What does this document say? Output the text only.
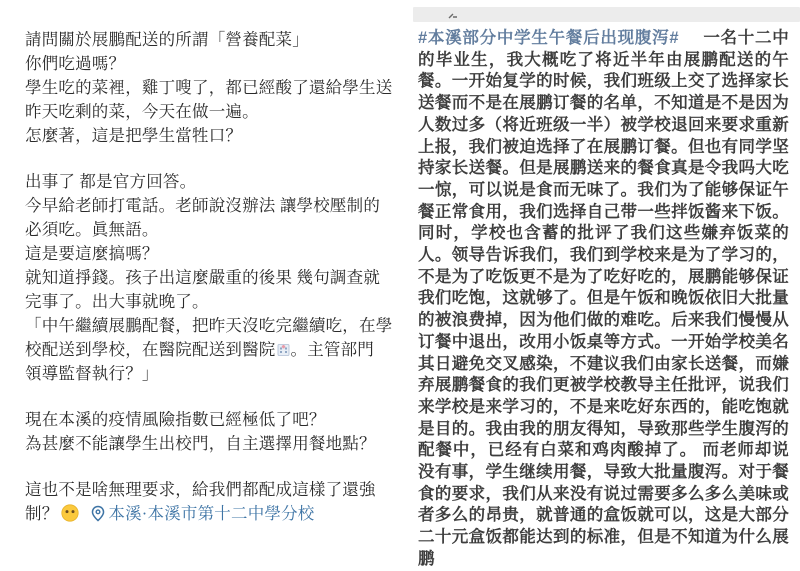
請問關於展鵬配送的所謂「營養配菜」
你們吃過嗎？
學生吃的菜裡，雞丁嗖了，都已經酸了還給學生送
昨天吃剩的菜，今天在做一遍。
怎麼著，這是把學生當牲口？
出事了 都是官方回答。
今早給老師打電話。老師說沒辦法 讓學校壓制的
必須吃。眞無語。
這是要這麼搞嗎？
就知道掙錢。孩子出這麼嚴重的後果 幾句調查就
完事了。出大事就晚了。
「中午繼續展鵬配餐，把昨天沒吃完繼續吃，在學
校配送到學校，在醫院配送到醫院 。主管部門
領導監督執行？」
現在本溪的疫情風險指數已經極低了吧？
為甚麼不能讓學生出校門，自主選擇用餐地點？
這也不是啥無理要求，給我們都配成這樣了還強
制？	本溪·本溪市第十二中學分校

#本溪部分中学生午餐后出现腹泻# 一名十二中的毕业生，我大概吃了将近半年由展鹏配送的午餐。一开始复学的时候，我们班级上交了选择家长送餐而不是在展鹏订餐的名单，不知道是不是因为人数过多（将近班级一半）被学校退回来要求重新上报，我们被迫选择了在展鹏订餐。但也有同学坚持家长送餐。但是展鹏送来的餐食真是令我吗大吃一惊，可以说是食而无味了。我们为了能够保证午餐正常食用，我们选择自己带一些拌饭酱来下饭。同时，学校也含蓄的批评了我们这些嫌弃饭菜的人。领导告诉我们，我们到学校来是为了学习的，不是为了吃饭更不是为了吃好吃的，展鹏能够保证我们吃饱，这就够了。但是午饭和晚饭依旧大批量的被浪费掉，因为他们做的难吃。后来我们慢慢从订餐中退出，改用小饭桌等方式。一开始学校美名其日避免交叉感染，不建议我们由家长送餐，而嫌弃展鹏餐食的我们更被学校教导主任批评，说我们来学校是来学习的，不是来吃好东西的，能吃饱就是目的。我由我的朋友得知，导致那些学生腹泻的配餐中，已经有白菜和鸡肉酸掉了。 而老师却说没有事，学生继续用餐，导致大批量腹泻。对于餐食的要求，我们从来没有说过需要多么多么美味或者多么的昂贵，就普通的盒饭就可以，这是大部分二十元盒饭都能达到的标准，但是不知道为什么展鹏
